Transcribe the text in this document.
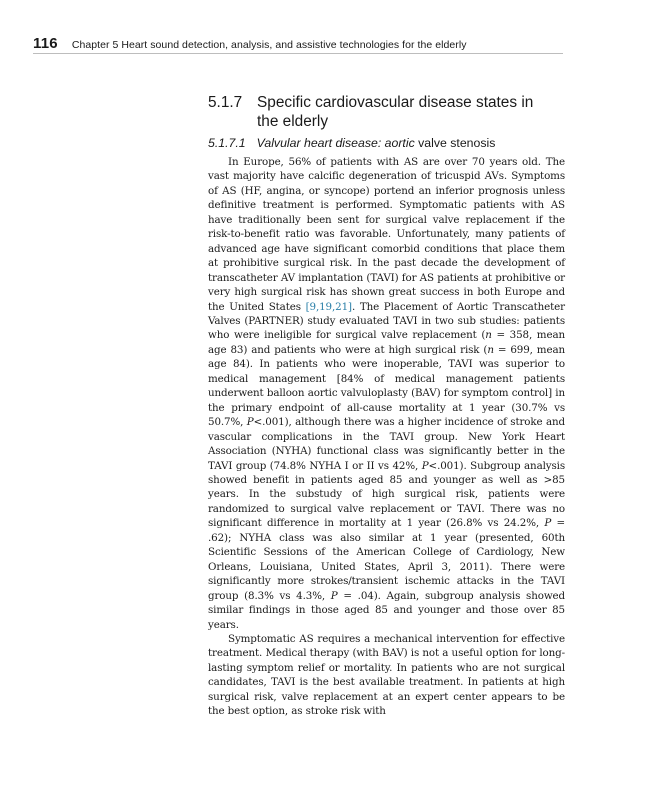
116 Chapter 5 Heart sound detection, analysis, and assistive technologies for the elderly
5.1.7 Specific cardiovascular disease states in
the elderly
5.1.7.1 Valvular heart disease: aortic valve stenosis

In Europe, 56% of patients with AS are over 70 years old. The vast majority have calcific degeneration of tricuspid AVs. Symptoms of AS (HF, angina, or syncope) portend an inferior prognosis unless definitive treatment is performed. Symptomatic patients with AS have traditionally been sent for surgical valve replacement if the risk-to-benefit ratio was favorable. Unfortunately, many patients of advanced age have significant comorbid conditions that place them at prohibitive surgical risk. In the past decade the development of transcatheter AV implantation (TAVI) for AS patients at prohibitive or very high surgical risk has shown great success in both Europe and the United States [9,19,21]. The Placement of Aortic Transcatheter Valves (PARTNER) study evaluated TAVI in two sub studies: patients who were ineligible for surgical valve replacement (n = 358, mean age 83) and patients who were at high surgical risk (n = 699, mean age 84). In patients who were inoperable, TAVI was superior to medical management [84% of medical management patients underwent balloon aortic valvuloplasty (BAV) for symptom control] in the primary endpoint of all-cause mortality at 1 year (30.7% vs 50.7%, P<.001), although there was a higher incidence of stroke and vascular complications in the TAVI group. New York Heart Association (NYHA) functional class was significantly better in the TAVI group (74.8% NYHA I or II vs 42%, P<.001). Subgroup analysis showed benefit in patients aged 85 and younger as well as >85 years. In the substudy of high surgical risk, patients were randomized to surgical valve replacement or TAVI. There was no significant difference in mortality at 1 year (26.8% vs 24.2%, P = .62); NYHA class was also similar at 1 year (presented, 60th Scientific Sessions of the American College of Cardiology, New Orleans, Louisiana, United States, April 3, 2011). There were significantly more strokes/transient ischemic attacks in the TAVI group (8.3% vs 4.3%, P = .04). Again, subgroup analysis showed similar findings in those aged 85 and younger and those over 85 years.

Symptomatic AS requires a mechanical intervention for effective treatment. Medical therapy (with BAV) is not a useful option for long-lasting symptom relief or mortality. In patients who are not surgical candidates, TAVI is the best available treatment. In patients at high surgical risk, valve replacement at an expert center appears to be the best option, as stroke risk with
